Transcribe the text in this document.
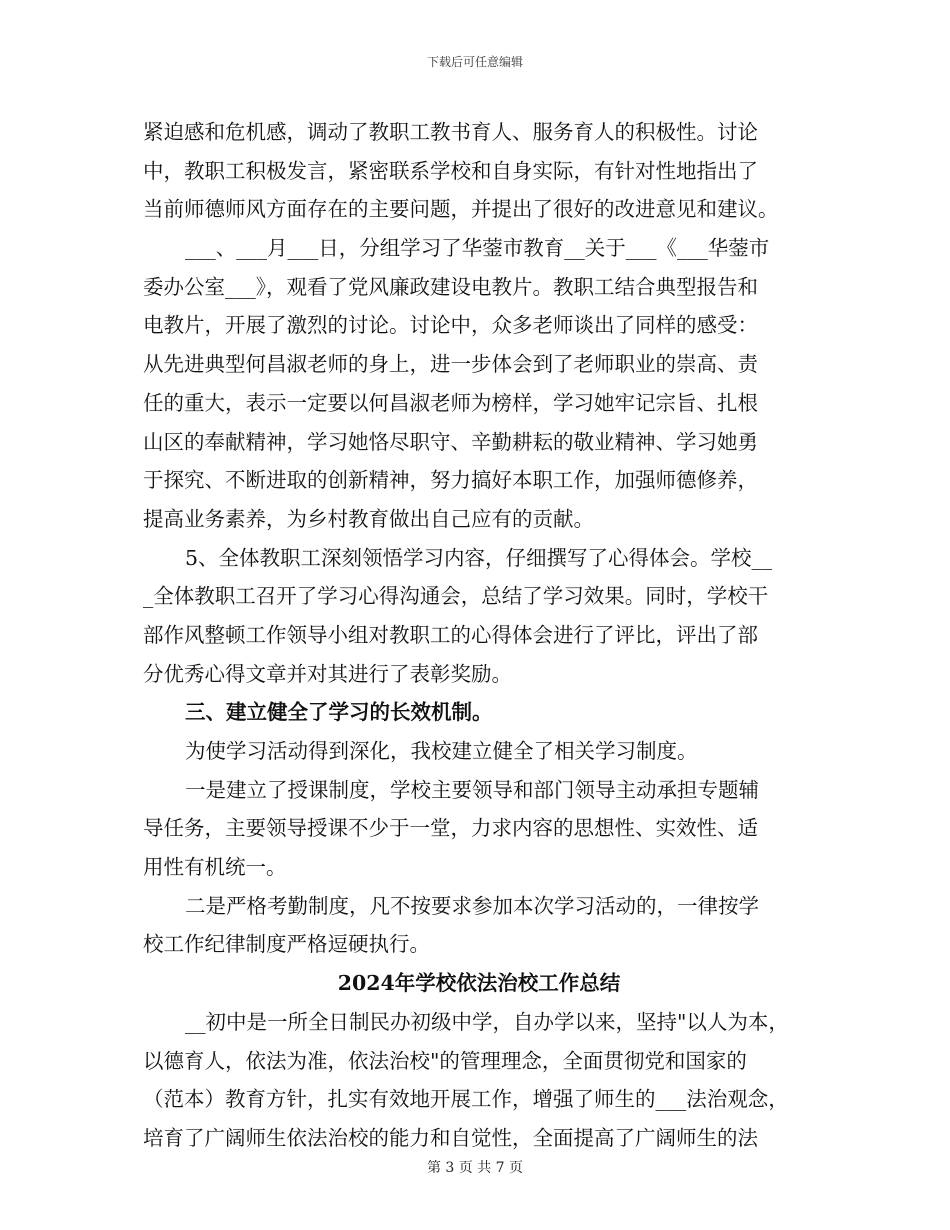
下载后可任意编辑
紧迫感和危机感，调动了教职工教书育人、服务育人的积极性。讨论
中，教职工积极发言，紧密联系学校和自身实际，有针对性地指出了
当前师德师风方面存在的主要问题，并提出了很好的改进意见和建议。
___、___月___日，分组学习了华蓥市教育__关于___《___华蓥市
委办公室___》，观看了党风廉政建设电教片。教职工结合典型报告和
电教片，开展了激烈的讨论。讨论中，众多老师谈出了同样的感受：
从先进典型何昌淑老师的身上，进一步体会到了老师职业的崇高、责
任的重大，表示一定要以何昌淑老师为榜样，学习她牢记宗旨、扎根
山区的奉献精神，学习她恪尽职守、辛勤耕耘的敬业精神、学习她勇
于探究、不断进取的创新精神，努力搞好本职工作，加强师德修养，
提高业务素养，为乡村教育做出自己应有的贡献。
5、全体教职工深刻领悟学习内容，仔细撰写了心得体会。学校__
_全体教职工召开了学习心得沟通会，总结了学习效果。同时，学校干
部作风整顿工作领导小组对教职工的心得体会进行了评比，评出了部
分优秀心得文章并对其进行了表彰奖励。
三、建立健全了学习的长效机制。
为使学习活动得到深化，我校建立健全了相关学习制度。
一是建立了授课制度，学校主要领导和部门领导主动承担专题辅
导任务，主要领导授课不少于一堂，力求内容的思想性、实效性、适
用性有机统一。
二是严格考勤制度，凡不按要求参加本次学习活动的，一律按学
校工作纪律制度严格逗硬执行。
2024年学校依法治校工作总结
__初中是一所全日制民办初级中学，自办学以来，坚持"以人为本，
以德育人，依法为准，依法治校"的管理理念，全面贯彻党和国家的
（范本）教育方针，扎实有效地开展工作，增强了师生的___法治观念，
培育了广阔师生依法治校的能力和自觉性，全面提高了广阔师生的法
第 3 页 共 7 页
